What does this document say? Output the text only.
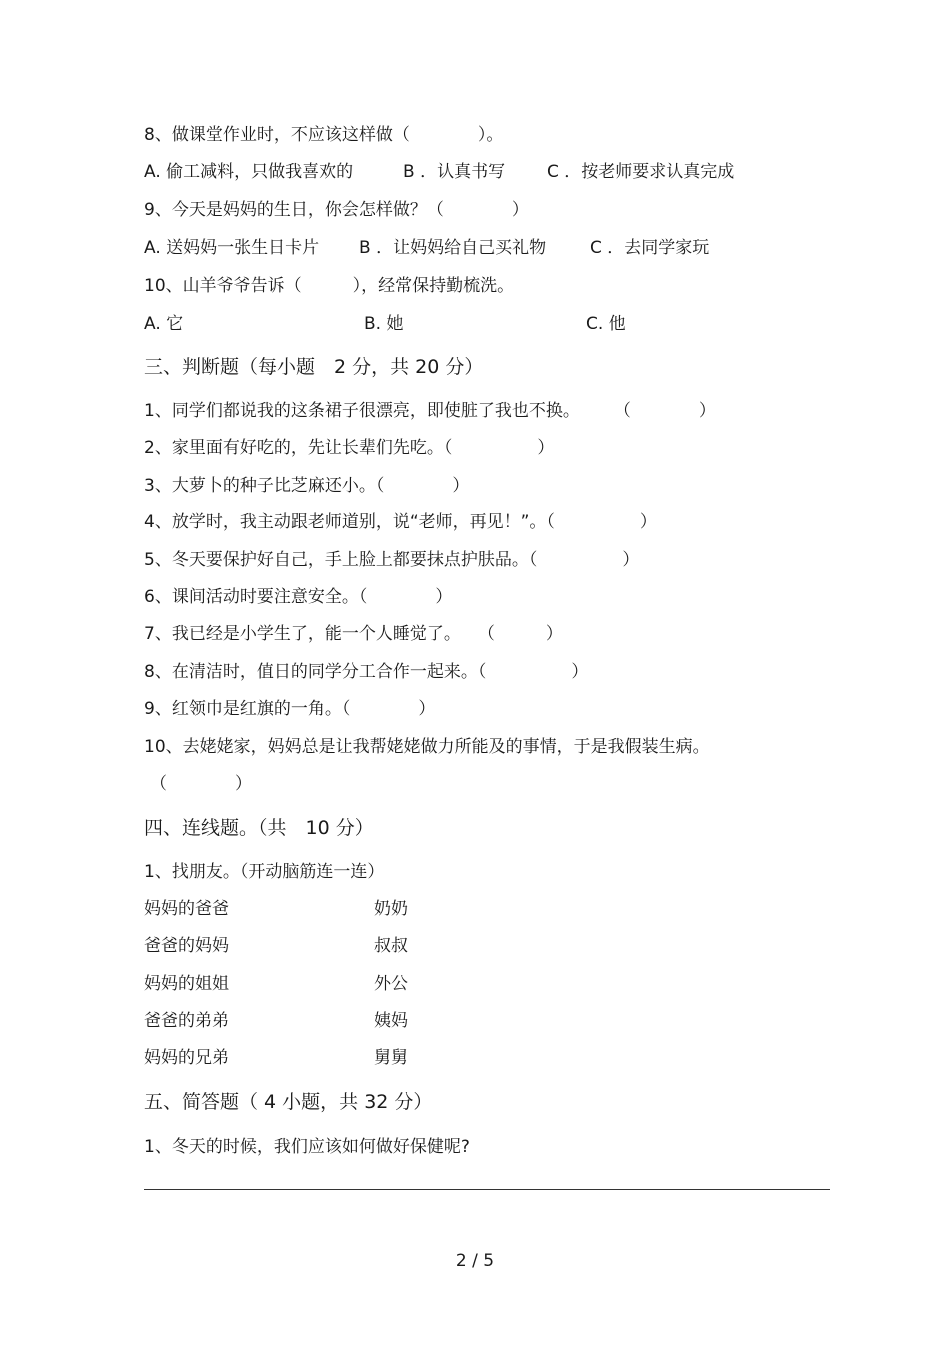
8、做课堂作业时，不应该这样做（　　　　）。
A. 偷工减料，只做我喜欢的	B ．认真书写 C ．按老师要求认真完成
9、今天是妈妈的生日，你会怎样做？（　　　　）
A. 送妈妈一张生日卡片 B ．让妈妈给自己买礼物	C ．去同学家玩
10、山羊爷爷告诉（　　　），经常保持勤梳洗。
A. 它	B. 她	C. 他
三、判断题（每小题　2 分，共 20 分）
1、同学们都说我的这条裙子很漂亮，即使脏了我也不换。　　　（　　　　）
2、家里面有好吃的，先让长辈们先吃。（　　　　　）
3、大萝卜的种子比芝麻还小。（　　　　）
4、放学时，我主动跟老师道别，说“老师，再见！”。（　　　　　）
5、冬天要保护好自己，手上脸上都要抹点护肤品。（　　　　　）
6、课间活动时要注意安全。（　　　　）
7、我已经是小学生了，能一个人睡觉了。　　（　　　）
8、在清洁时，值日的同学分工合作一起来。（　　　　　）
9、红领巾是红旗的一角。（　　　　）
10、去姥姥家，妈妈总是让我帮姥姥做力所能及的事情，于是我假装生病。
（　　　　）
四、连线题。（共　10 分）
1、找朋友。（开动脑筋连一连）
妈妈的爸爸	奶奶
爸爸的妈妈	叔叔
妈妈的姐姐	外公
爸爸的弟弟	姨妈
妈妈的兄弟	舅舅
五、简答题（ 4 小题，共 32 分）
1、冬天的时候，我们应该如何做好保健呢?
2 / 5
